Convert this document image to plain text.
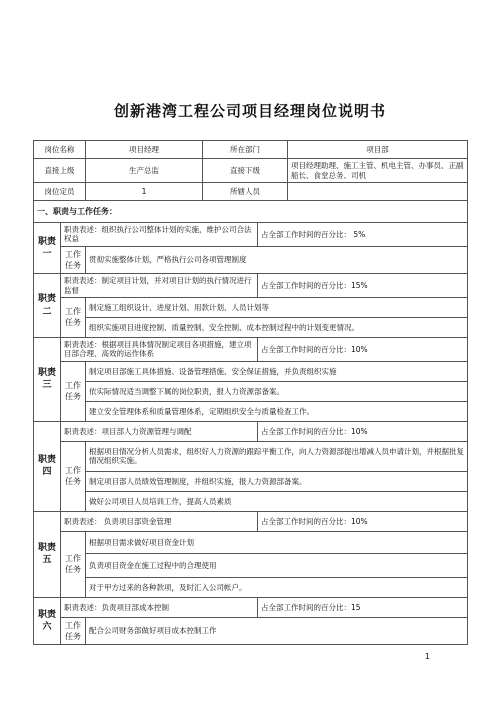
创新港湾工程公司项目经理岗位说明书
岗位名称		项目经理	所在部门		项目部
直接上级		生产总监	直接下级		项目经理助理、施工主管、机电主管、办事员、正副船长、食堂总务、司机
岗位定员		1	所辖人员		
一、职责与工作任务：					
职责一	职责表述：组织执行公司整体计划的实施，维护公司合法权益			占全部工作时间的百分比： 5%	
	工作任务	贯彻实施整体计划，严格执行公司各项管理制度			
职责二	职责表述：制定项目计划，并对项目计划的执行情况进行监督			占全部工作时间的百分比：15%	
	工作任务	制定施工组织设计、进度计划、用款计划、人员计划等			
		组织实施项目进度控制、质量控制、安全控制、成本控制过程中的计划变更情况。			
职责三	职责表述：根据项目具体情况制定项目各项措施，建立项目部合理、高效的运作体系			占全部工作时间的百分比：10%	
	工作任务	制定项目部施工具体措施、设备管理措施、安全保证措施，并负责组织实施			
		依实际情况适当调整下属的岗位职责，报人力资源部备案。			
		建立安全管理体系和质量管理体系，定期组织安全与质量检查工作。			
职责四	职责表述：项目部人力资源管理与调配			占全部工作时间的百分比：10%	
	工作任务	根据项目情况分析人员需求，组织好人力资源的跟踪平衡工作，向人力资源部提出增减人员申请计划，并根据批复情况组织实施。			
		制定项目部人员绩效管理制度，并组织实施，报人力资源部备案。			
		做好公司项目人员培训工作，提高人员素质			
职责五	职责表述： 负责项目部资金管理			占全部工作时间的百分比：10%	
	工作任务	根据项目需求做好项目资金计划			
		负责项目资金在施工过程中的合理使用			
		对于甲方过来的各种款项，及时汇入公司帐户。			
职责六	职责表述：负责项目部成本控制			占全部工作时间的百分比：15	
	工作任务	配合公司财务部做好项目成本控制工作			
1
